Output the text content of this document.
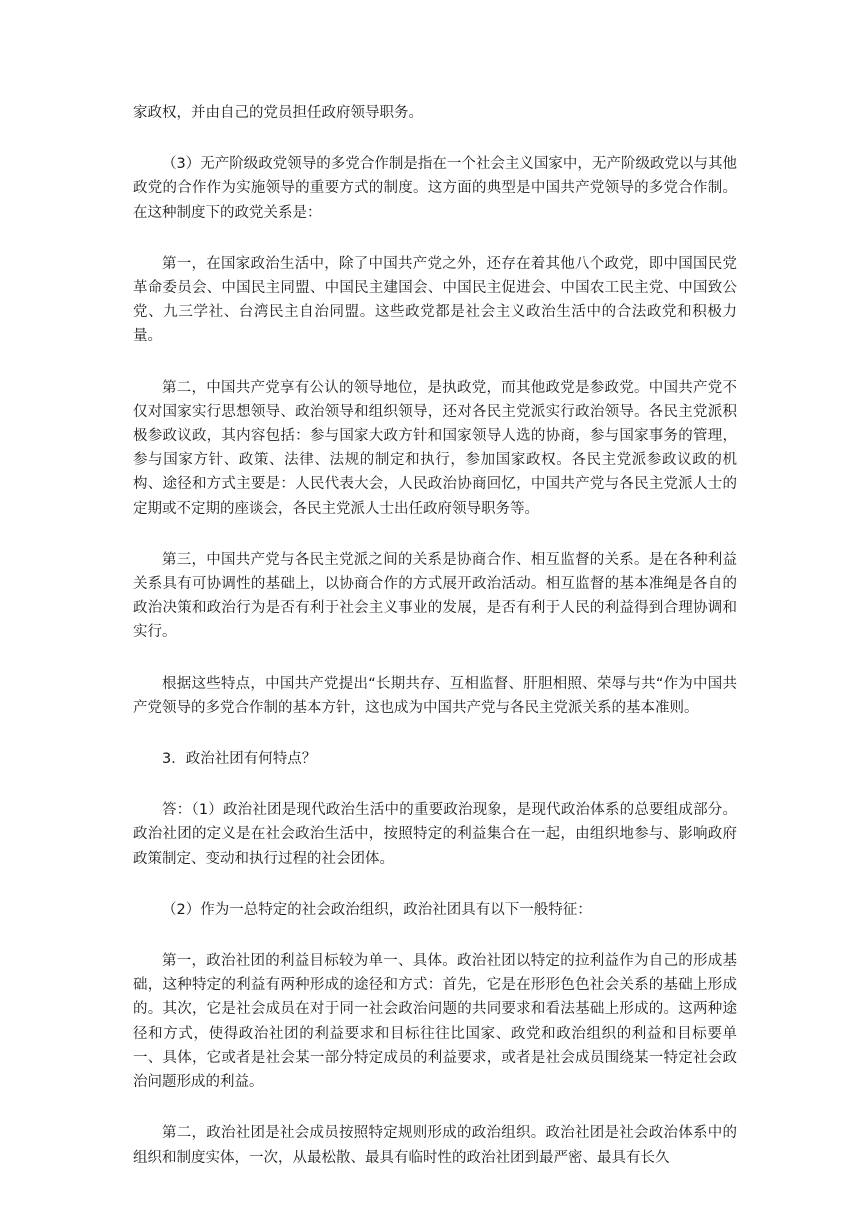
家政权，并由自己的党员担任政府领导职务。

（3）无产阶级政党领导的多党合作制是指在一个社会主义国家中，无产阶级政党以与其他政党的合作作为实施领导的重要方式的制度。这方面的典型是中国共产党领导的多党合作制。在这种制度下的政党关系是：

第一，在国家政治生活中，除了中国共产党之外，还存在着其他八个政党，即中国国民党革命委员会、中国民主同盟、中国民主建国会、中国民主促进会、中国农工民主党、中国致公党、九三学社、台湾民主自治同盟。这些政党都是社会主义政治生活中的合法政党和积极力量。

第二，中国共产党享有公认的领导地位，是执政党，而其他政党是参政党。中国共产党不仅对国家实行思想领导、政治领导和组织领导，还对各民主党派实行政治领导。各民主党派积极参政议政，其内容包括：参与国家大政方针和国家领导人选的协商，参与国家事务的管理，参与国家方针、政策、法律、法规的制定和执行，参加国家政权。各民主党派参政议政的机构、途径和方式主要是：人民代表大会，人民政治协商回忆，中国共产党与各民主党派人士的定期或不定期的座谈会，各民主党派人士出任政府领导职务等。

第三，中国共产党与各民主党派之间的关系是协商合作、相互监督的关系。是在各种利益关系具有可协调性的基础上，以协商合作的方式展开政治活动。相互监督的基本准绳是各自的政治决策和政治行为是否有利于社会主义事业的发展，是否有利于人民的利益得到合理协调和实行。

根据这些特点，中国共产党提出“长期共存、互相监督、肝胆相照、荣辱与共“作为中国共产党领导的多党合作制的基本方针，这也成为中国共产党与各民主党派关系的基本准则。

3．政治社团有何特点？

答：（1）政治社团是现代政治生活中的重要政治现象，是现代政治体系的总要组成部分。政治社团的定义是在社会政治生活中，按照特定的利益集合在一起，由组织地参与、影响政府政策制定、变动和执行过程的社会团体。

（2）作为一总特定的社会政治组织，政治社团具有以下一般特征：

第一，政治社团的利益目标较为单一、具体。政治社团以特定的拉利益作为自己的形成基础，这种特定的利益有两种形成的途径和方式：首先，它是在形形色色社会关系的基础上形成的。其次，它是社会成员在对于同一社会政治问题的共同要求和看法基础上形成的。这两种途径和方式，使得政治社团的利益要求和目标往往比国家、政党和政治组织的利益和目标要单一、具体，它或者是社会某一部分特定成员的利益要求，或者是社会成员围绕某一特定社会政治问题形成的利益。

第二，政治社团是社会成员按照特定规则形成的政治组织。政治社团是社会政治体系中的组织和制度实体，一次，从最松散、最具有临时性的政治社团到最严密、最具有长久
